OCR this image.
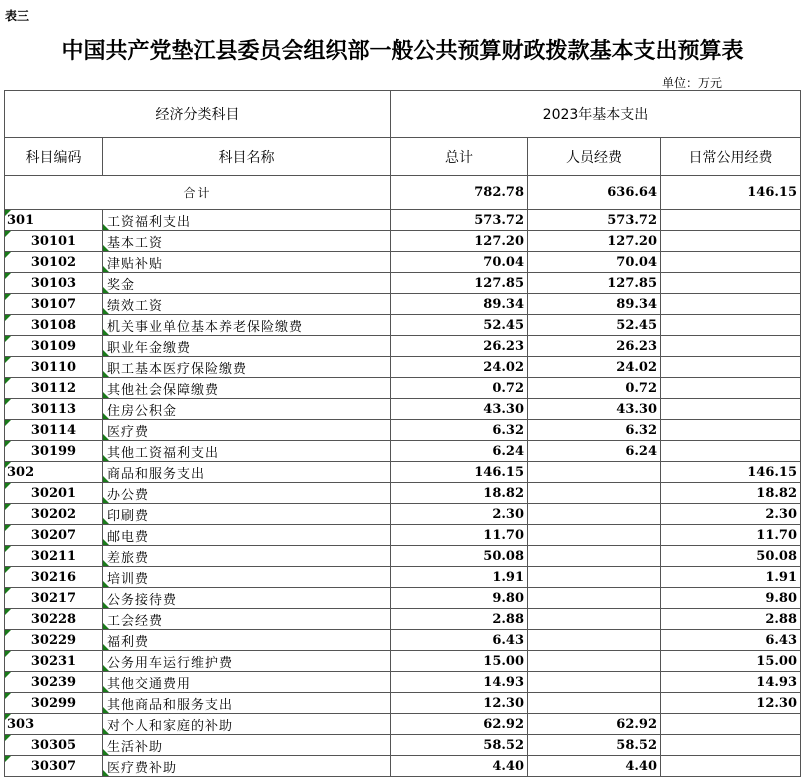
表三
中国共产党垫江县委员会组织部一般公共预算财政拨款基本支出预算表
单位：万元
经济分类科目		2023年基本支出		
科目编码	科目名称	总计	人员经费	日常公用经费
合计		782.78	636.64	146.15

301	工资福利支出	573.72	573.72	

30101	基本工资	127.20	127.20	

30102	津贴补贴	70.04	70.04	

30103	奖金	127.85	127.85	

30107	绩效工资	89.34	89.34	

30108	机关事业单位基本养老保险缴费	52.45	52.45	

30109	职业年金缴费	26.23	26.23	

30110	职工基本医疗保险缴费	24.02	24.02	

30112	其他社会保障缴费	0.72	0.72	

30113	住房公积金	43.30	43.30	

30114	医疗费	6.32	6.32	

30199	其他工资福利支出	6.24	6.24	

302	商品和服务支出	146.15		146.15

30201	办公费	18.82		18.82

30202	印刷费	2.30		2.30

30207	邮电费	11.70		11.70

30211	差旅费	50.08		50.08

30216	培训费	1.91		1.91

30217	公务接待费	9.80		9.80

30228	工会经费	2.88		2.88

30229	福利费	6.43		6.43

30231	公务用车运行维护费	15.00		15.00

30239	其他交通费用	14.93		14.93

30299	其他商品和服务支出	12.30		12.30

303	对个人和家庭的补助	62.92	62.92	

30305	生活补助	58.52	58.52	

30307	医疗费补助	4.40	4.40	
